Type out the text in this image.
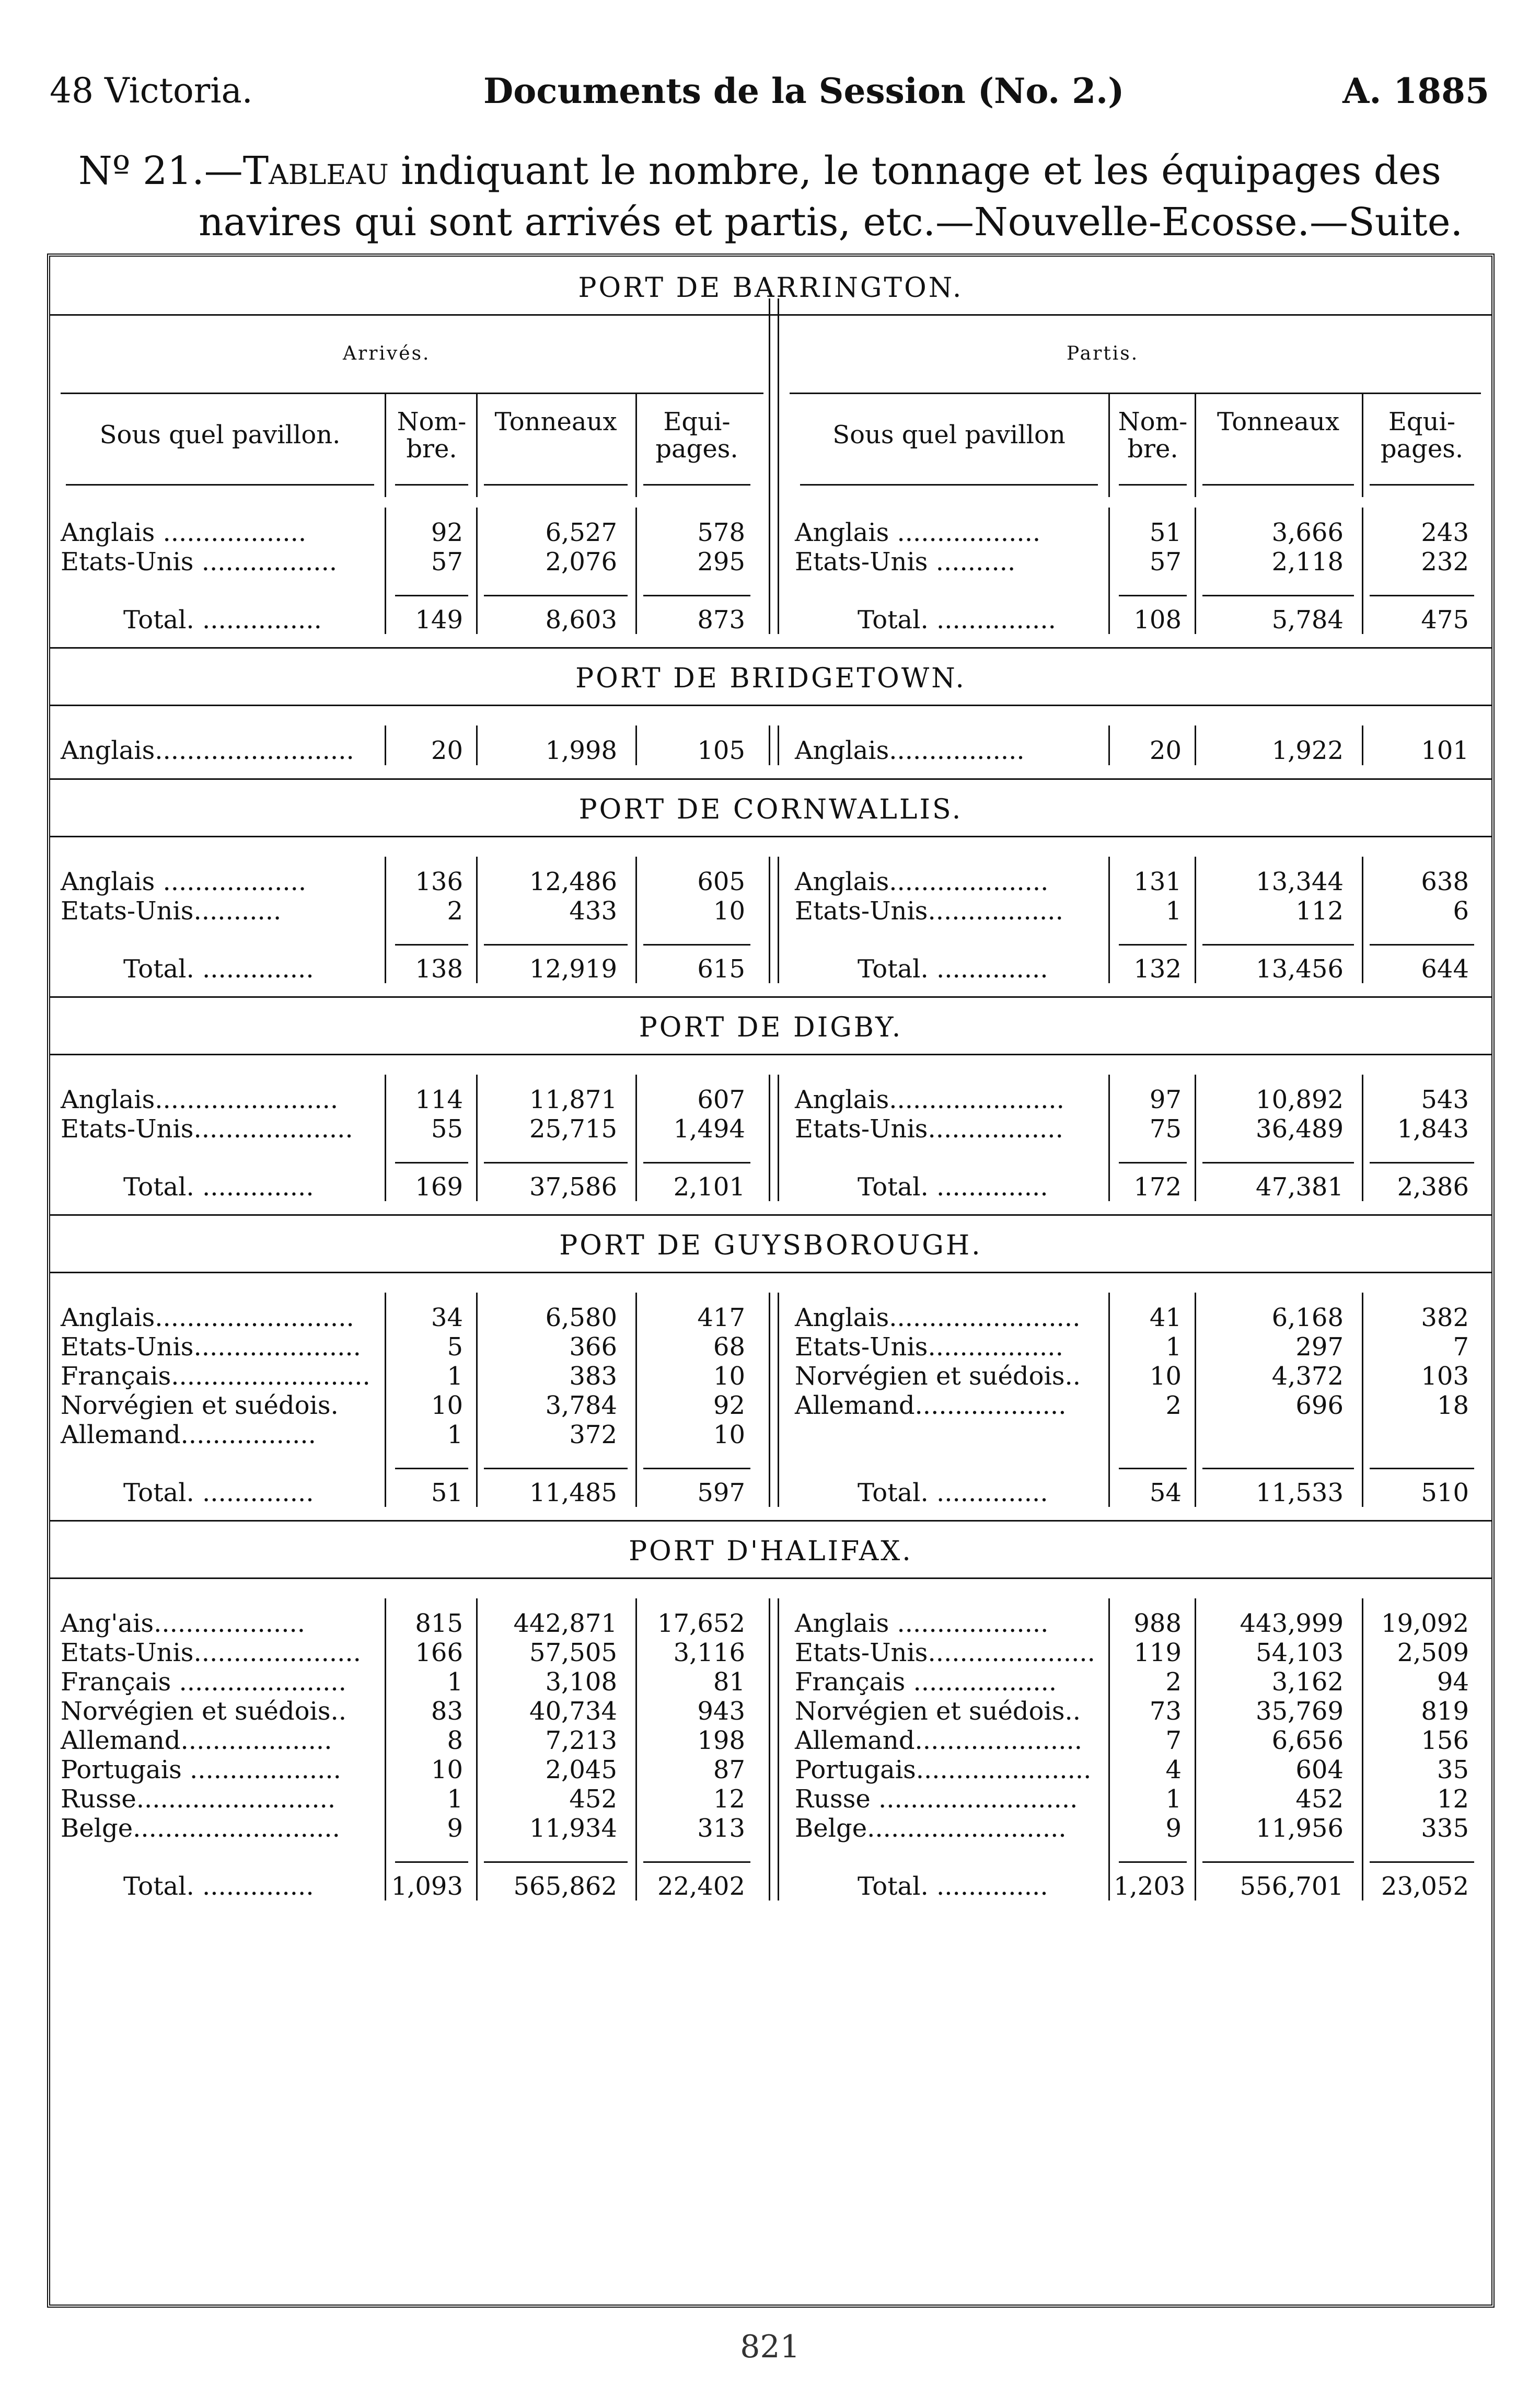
48 Victoria.	Documents de la Session (No. 2.)	A. 1885
Nº 21.—Tableau indiquant le nombre, le tonnage et les équipages des
navires qui sont arrivés et partis, etc.—Nouvelle-Ecosse.—Suite.
PORT DE BARRINGTON.
Arrivés.	Partis.
Sous quel pavillon.	Nom-
bre.
Tonneaux	Equi-
pages.	Sous quel pavillon	Nom-
bre.
Tonneaux	Equi-
pages.
Anglais ..................	92	6,527	578
Etats-Unis .................	57	2,076	295
Total. ...............	149	8,603	873
Anglais ..................	51	3,666	243
Etats-Unis ..........	57	2,118	232
Total. ...............	108	5,784	475
PORT DE BRIDGETOWN.
Anglais.........................	20	1,998	105 Anglais.................	20	1,922	101
PORT DE CORNWALLIS.
Anglais ..................	136	12,486	605
Etats-Unis...........	2	433	10
Total. ..............	138	12,919	615
Anglais....................	131	13,344	638
Etats-Unis.................	1	112	6
Total. ..............	132	13,456	644
PORT DE DIGBY.
Anglais.......................	114	11,871	607
Etats-Unis....................	55	25,715	1,494
Total. ..............	169	37,586	2,101
Anglais......................	97	10,892	543
Etats-Unis.................	75	36,489	1,843
Total. ..............	172	47,381	2,386
PORT DE GUYSBOROUGH.
Anglais.........................	34	6,580	417
Etats-Unis.....................	5	366	68
Français.........................	1	383	10
Norvégien et suédois.	10	3,784	92
Allemand.................	1	372	10
Total. ..............	51	11,485	597
Anglais........................	41	6,168	382
Etats-Unis.................	1	297	7
Norvégien et suédois..	10	4,372	103
Allemand...................	2	696	18
Total. ..............	54	11,533	510
PORT D'HALIFAX.
Ang'ais...................	815	442,871	17,652
Etats-Unis.....................	166	57,505	3,116
Français .....................	1	3,108	81
Norvégien et suédois..	83	40,734	943
Allemand...................	8	7,213	198
Portugais ...................	10	2,045	87
Russe.........................	1	452	12
Belge..........................	9	11,934	313
Total. ..............	1,093	565,862	22,402
Anglais ...................	988	443,999	19,092
Etats-Unis.....................	119	54,103	2,509
Français ..................	2	3,162	94
Norvégien et suédois..	73	35,769	819
Allemand.....................	7	6,656	156
Portugais......................	4	604	35
Russe .........................	1	452	12
Belge.........................	9	11,956	335
Total. ..............	1,203	556,701	23,052
821
